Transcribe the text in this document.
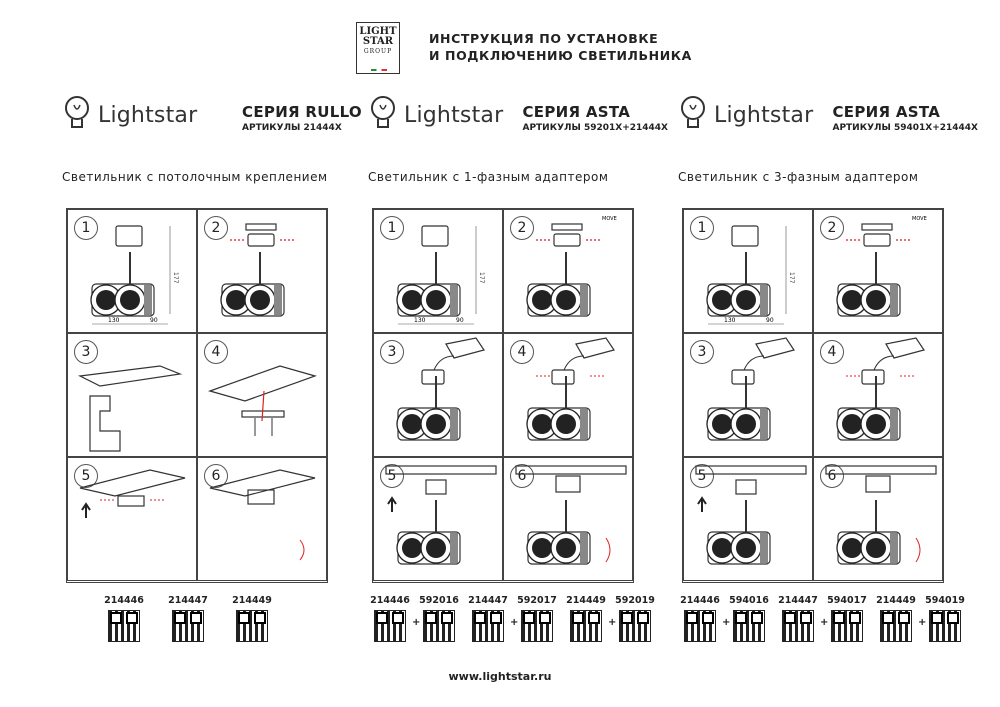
LIGHT
STAR
GROUP
ИНСТРУКЦИЯ ПО УСТАНОВКЕ
И ПОДКЛЮЧЕНИЮ СВЕТИЛЬНИКА
Lightstar	СЕРИЯ RULLO
АРТИКУЛЫ 21444X
Светильник с потолочным креплением
1
177
130	90
2
3	4
5	6
214446	214447	214449
Lightstar СЕРИЯ ASTA
АРТИКУЛЫ 59201X+21444X
Светильник с 1-фазным адаптером
1
177
130	90
2
MOVE
3	4
5	6
214446
+
592016 214447
+
592017 214449
+
592019
Lightstar СЕРИЯ ASTA
АРТИКУЛЫ 59401X+21444X
Светильник с 3-фазным адаптером
1
177
130	90
2
MOVE
3	4
5	6
214446
+
594016 214447
+
594017 214449
+
594019
www.lightstar.ru
